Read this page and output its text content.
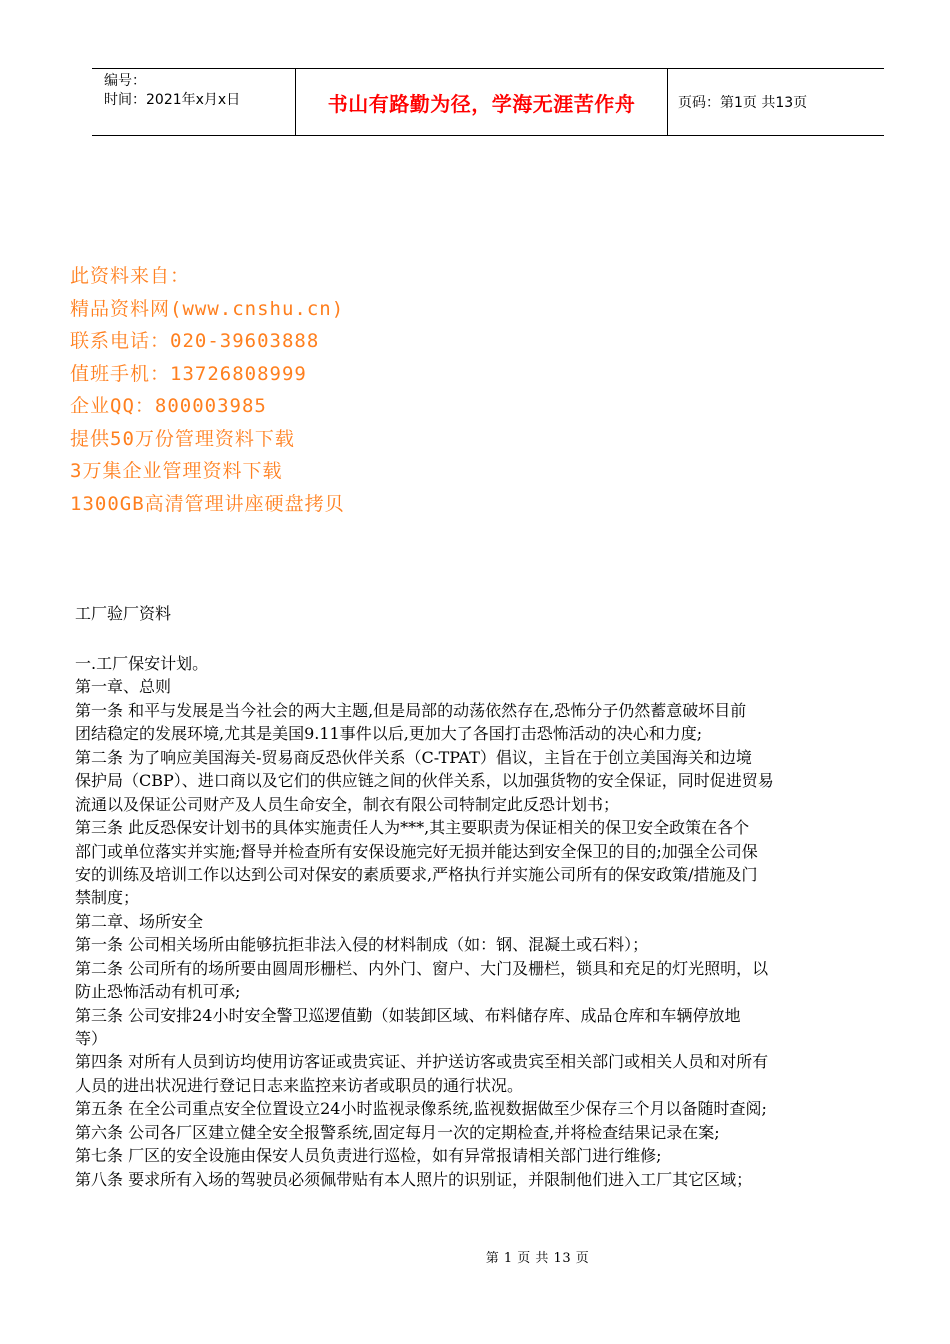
编号：
时间：2021年x月x日	书山有路勤为径，学海无涯苦作舟	页码：第1页 共13页
此资料来自：
精品资料网(www.cnshu.cn)
联系电话：020-39603888
值班手机：13726808999
企业QQ：800003985
提供50万份管理资料下载
3万集企业管理资料下载
1300GB高清管理讲座硬盘拷贝
工厂验厂资料
一.工厂保安计划。
第一章、总则
第一条 和平与发展是当今社会的两大主题,但是局部的动荡依然存在,恐怖分子仍然蓄意破坏目前
团结稳定的发展环境,尤其是美国9.11事件以后,更加大了各国打击恐怖活动的决心和力度;
第二条 为了响应美国海关-贸易商反恐伙伴关系（C-TPAT）倡议，主旨在于创立美国海关和边境
保护局（CBP）、进口商以及它们的供应链之间的伙伴关系，以加强货物的安全保证，同时促进贸易
流通以及保证公司财产及人员生命安全，制衣有限公司特制定此反恐计划书；
第三条 此反恐保安计划书的具体实施责任人为***,其主要职责为保证相关的保卫安全政策在各个
部门或单位落实并实施;督导并检查所有安保设施完好无损并能达到安全保卫的目的;加强全公司保
安的训练及培训工作以达到公司对保安的素质要求,严格执行并实施公司所有的保安政策/措施及门
禁制度；
第二章、场所安全
第一条 公司相关场所由能够抗拒非法入侵的材料制成（如：钢、混凝土或石料）；
第二条 公司所有的场所要由圆周形栅栏、内外门、窗户、大门及栅栏，锁具和充足的灯光照明，以
防止恐怖活动有机可承;
第三条 公司安排24小时安全警卫巡逻值勤（如装卸区域、布料储存库、成品仓库和车辆停放地
等）
第四条 对所有人员到访均使用访客证或贵宾证、并护送访客或贵宾至相关部门或相关人员和对所有
人员的进出状况进行登记日志来监控来访者或职员的通行状况。
第五条 在全公司重点安全位置设立24小时监视录像系统,监视数据做至少保存三个月以备随时查阅;
第六条 公司各厂区建立健全安全报警系统,固定每月一次的定期检查,并将检查结果记录在案;
第七条 厂区的安全设施由保安人员负责进行巡检，如有异常报请相关部门进行维修;
第八条 要求所有入场的驾驶员必须佩带贴有本人照片的识别证，并限制他们进入工厂其它区域；
第 1 页 共 13 页
